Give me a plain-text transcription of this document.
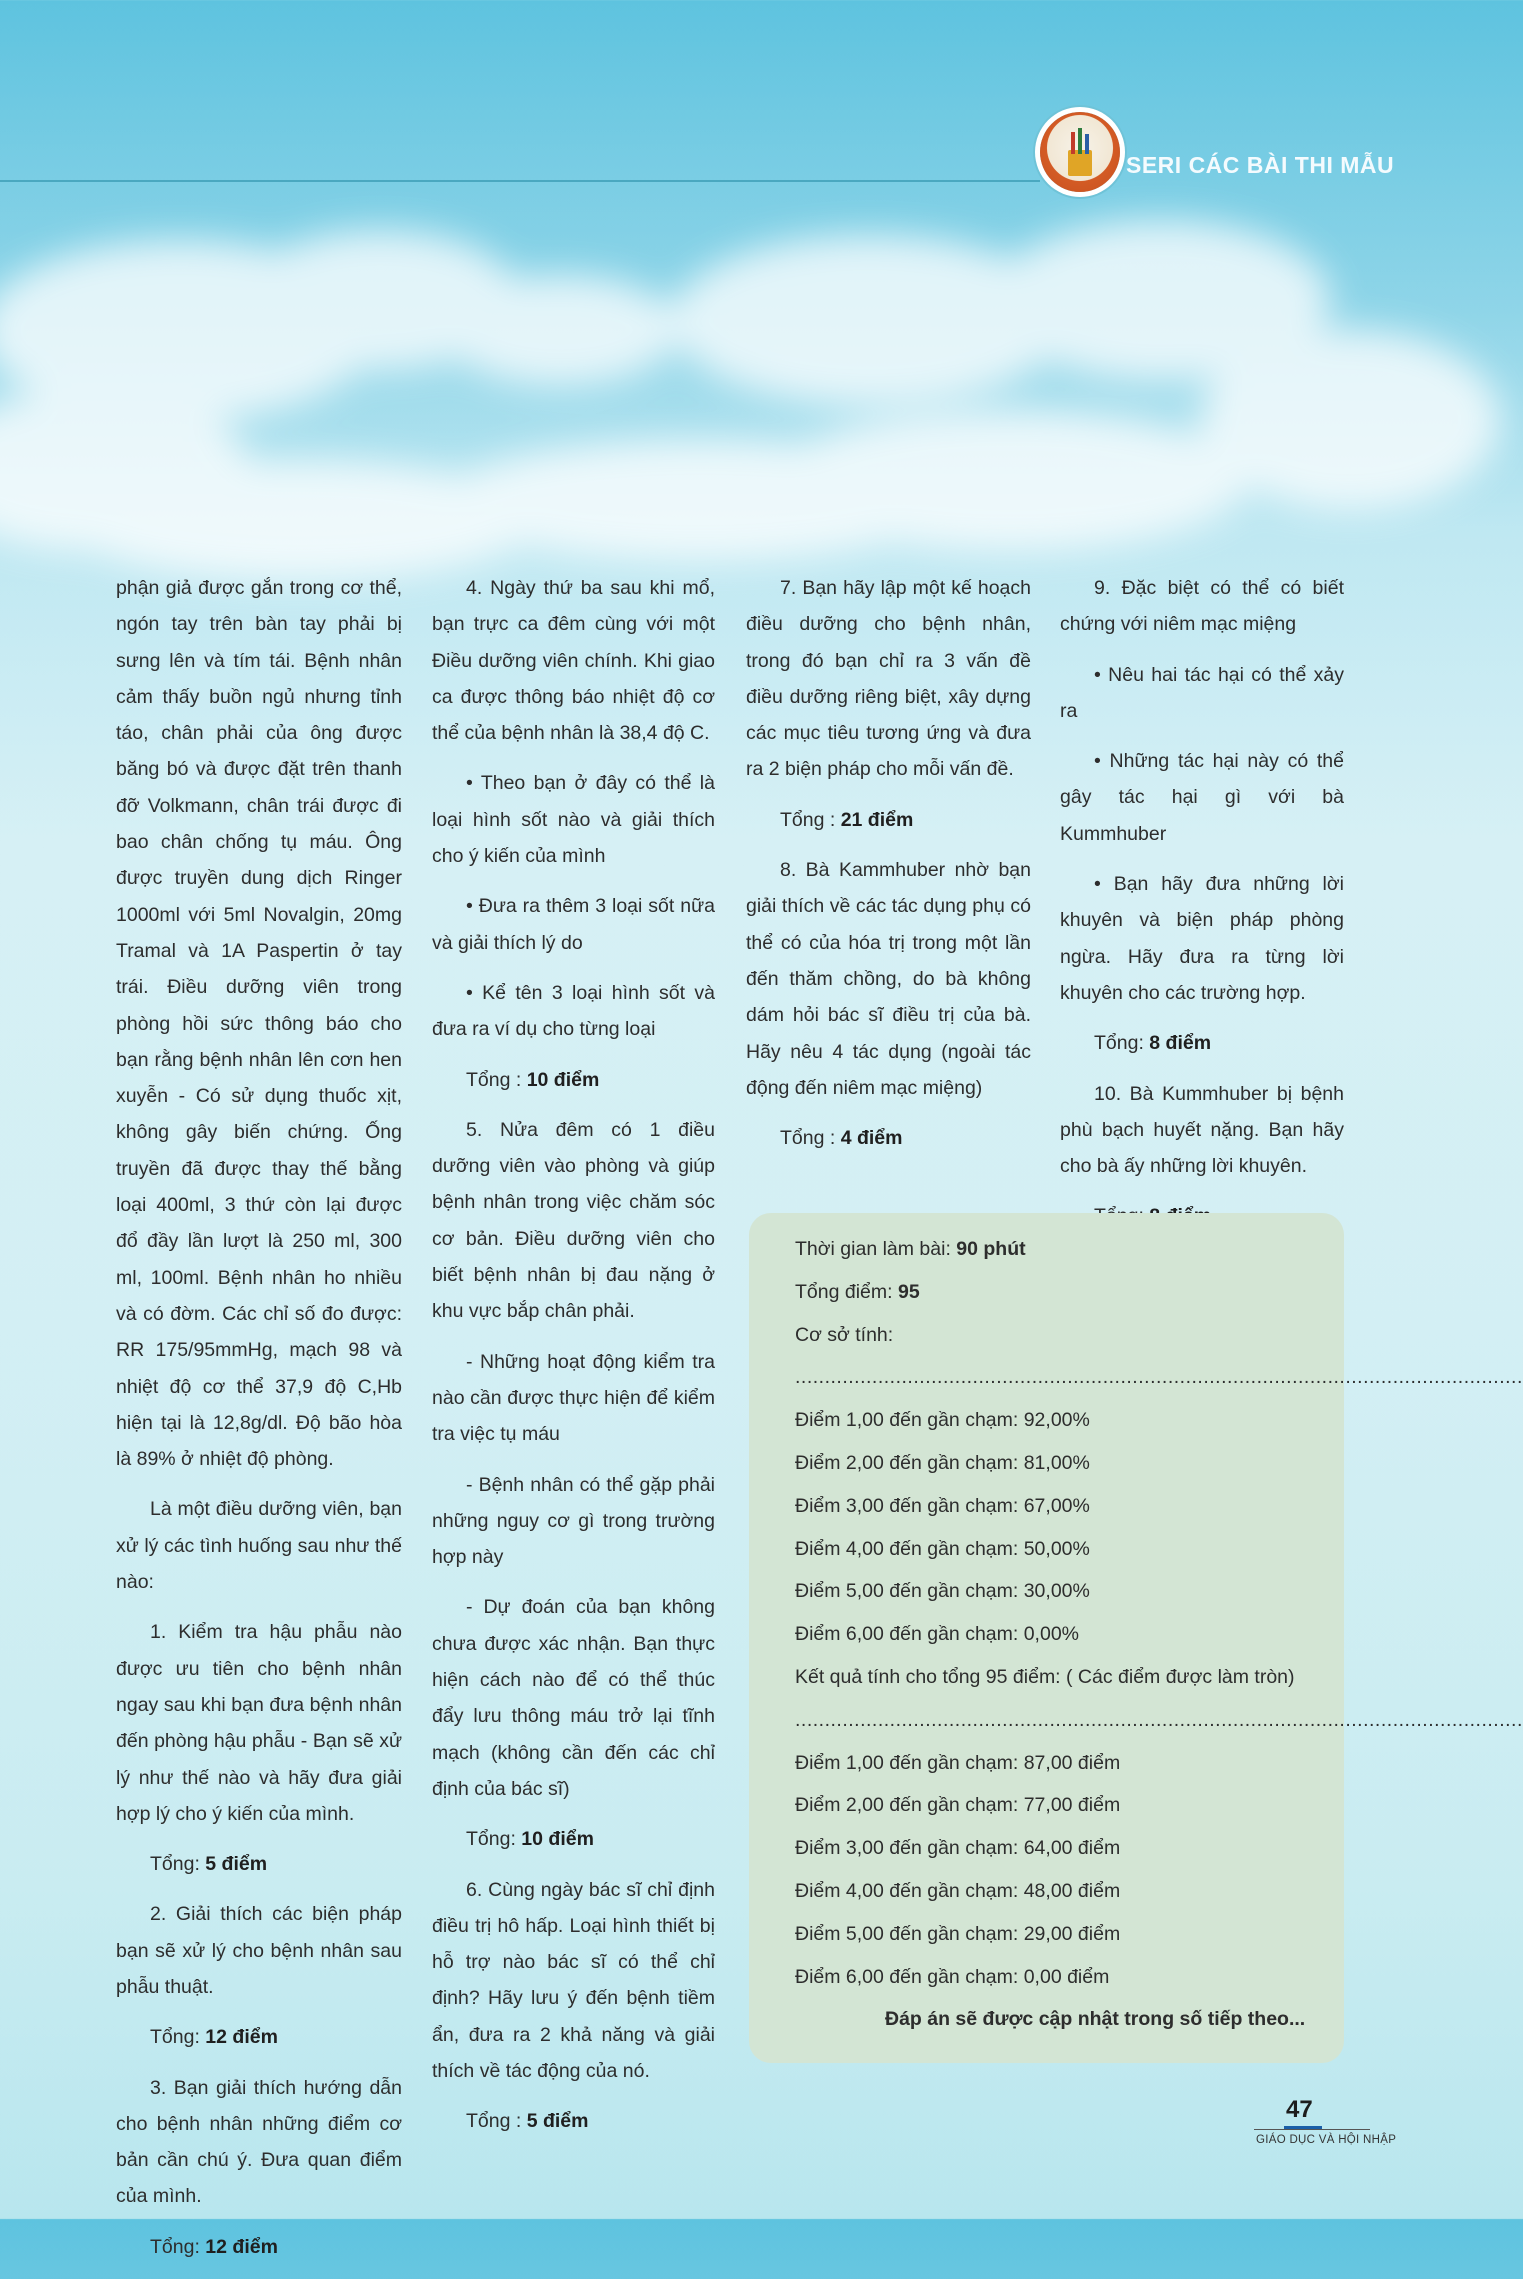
SERI CÁC BÀI THI MẪU

phận giả được gắn trong cơ thể, ngón tay trên bàn tay phải bị sưng lên và tím tái. Bệnh nhân cảm thấy buồn ngủ nhưng tỉnh táo, chân phải của ông được băng bó và được đặt trên thanh đỡ Volkmann, chân trái được đi bao chân chống tụ máu. Ông được truyền dung dịch Ringer 1000ml với 5ml Novalgin, 20mg Tramal và 1A Paspertin ở tay trái. Điều dưỡng viên trong phòng hồi sức thông báo cho bạn rằng bệnh nhân lên cơn hen xuyễn - Có sử dụng thuốc xịt, không gây biến chứng. Ống truyền đã được thay thế bằng loại 400ml, 3 thứ còn lại được đổ đầy lần lượt là 250 ml, 300 ml, 100ml. Bệnh nhân ho nhiều và có đờm. Các chỉ số đo được: RR 175/95mmHg, mạch 98 và nhiệt độ cơ thể 37,9 độ C,Hb hiện tại là 12,8g/dl. Độ bão hòa là 89% ở nhiệt độ phòng.

Là một điều dưỡng viên, bạn xử lý các tình huống sau như thế nào:

1. Kiểm tra hậu phẫu nào được ưu tiên cho bệnh nhân ngay sau khi bạn đưa bệnh nhân đến phòng hậu phẫu - Bạn sẽ xử lý như thế nào và hãy đưa giải hợp lý cho ý kiến của mình.

Tổng: 5 điểm

2. Giải thích các biện pháp bạn sẽ xử lý cho bệnh nhân sau phẫu thuật.

Tổng: 12 điểm

3. Bạn giải thích hướng dẫn cho bệnh nhân những điểm cơ bản cần chú ý. Đưa quan điểm của mình.

Tổng: 12 điểm

4. Ngày thứ ba sau khi mổ, bạn trực ca đêm cùng với một Điều dưỡng viên chính. Khi giao ca được thông báo nhiệt độ cơ thể của bệnh nhân là 38,4 độ C.

• Theo bạn ở đây có thể là loại hình sốt nào và giải thích cho ý kiến của mình

• Đưa ra thêm 3 loại sốt nữa và giải thích lý do

• Kể tên 3 loại hình sốt và đưa ra ví dụ cho từng loại

Tổng : 10 điểm

5. Nửa đêm có 1 điều dưỡng viên vào phòng và giúp bệnh nhân trong việc chăm sóc cơ bản. Điều dưỡng viên cho biết bệnh nhân bị đau nặng ở khu vực bắp chân phải.

- Những hoạt động kiểm tra nào cần được thực hiện để kiểm tra việc tụ máu

- Bệnh nhân có thể gặp phải những nguy cơ gì trong trường hợp này

- Dự đoán của bạn không chưa được xác nhận. Bạn thực hiện cách nào để có thể thúc đẩy lưu thông máu trở lại tĩnh mạch (không cần đến các chỉ định của bác sĩ)

Tổng: 10 điểm

6. Cùng ngày bác sĩ chỉ định điều trị hô hấp. Loại hình thiết bị hỗ trợ nào bác sĩ có thể chỉ định? Hãy lưu ý đến bệnh tiềm ẩn, đưa ra 2 khả năng và giải thích về tác động của nó.

Tổng : 5 điểm

7. Bạn hãy lập một kế hoạch điều dưỡng cho bệnh nhân, trong đó bạn chỉ ra 3 vấn đề điều dưỡng riêng biệt, xây dựng các mục tiêu tương ứng và đưa ra 2 biện pháp cho mỗi vấn đề.

Tổng : 21 điểm

8. Bà Kammhuber nhờ bạn giải thích về các tác dụng phụ có thể có của hóa trị trong một lần đến thăm chồng, do bà không dám hỏi bác sĩ điều trị của bà. Hãy nêu 4 tác dụng (ngoài tác động đến niêm mạc miệng)

Tổng : 4 điểm

9. Đặc biệt có thể có biết chứng với niêm mạc miệng

• Nêu hai tác hại có thể xảy ra

• Những tác hại này có thể gây tác hại gì với bà Kummhuber

• Bạn hãy đưa những lời khuyên và biện pháp phòng ngừa. Hãy đưa ra từng lời khuyên cho các trường hợp.

Tổng: 8 điểm

10. Bà Kummhuber bị bệnh phù bạch huyết nặng. Bạn hãy cho bà ấy những lời khuyên.

Thời gian làm bài: 90 phút
Tổng điểm: 95
Cơ sở tính:
...........................................................................................................................
Điểm 1,00 đến gần chạm: 92,00%
Điểm 2,00 đến gần chạm: 81,00%
Điểm 3,00 đến gần chạm: 67,00%
Điểm 4,00 đến gần chạm: 50,00%
Điểm 5,00 đến gần chạm: 30,00%
Điểm 6,00 đến gần chạm: 0,00%
Kết quả tính cho tổng 95 điểm: ( Các điểm được làm tròn)
...........................................................................................................................
Điểm 1,00 đến gần chạm: 87,00 điểm
Điểm 2,00 đến gần chạm: 77,00 điểm
Điểm 3,00 đến gần chạm: 64,00 điểm
Điểm 4,00 đến gần chạm: 48,00 điểm
Điểm 5,00 đến gần chạm: 29,00 điểm
Điểm 6,00 đến gần chạm: 0,00 điểm
Đáp án sẽ được cập nhật trong số tiếp theo...
47
GIÁO DỤC VÀ HỘI NHẬP
